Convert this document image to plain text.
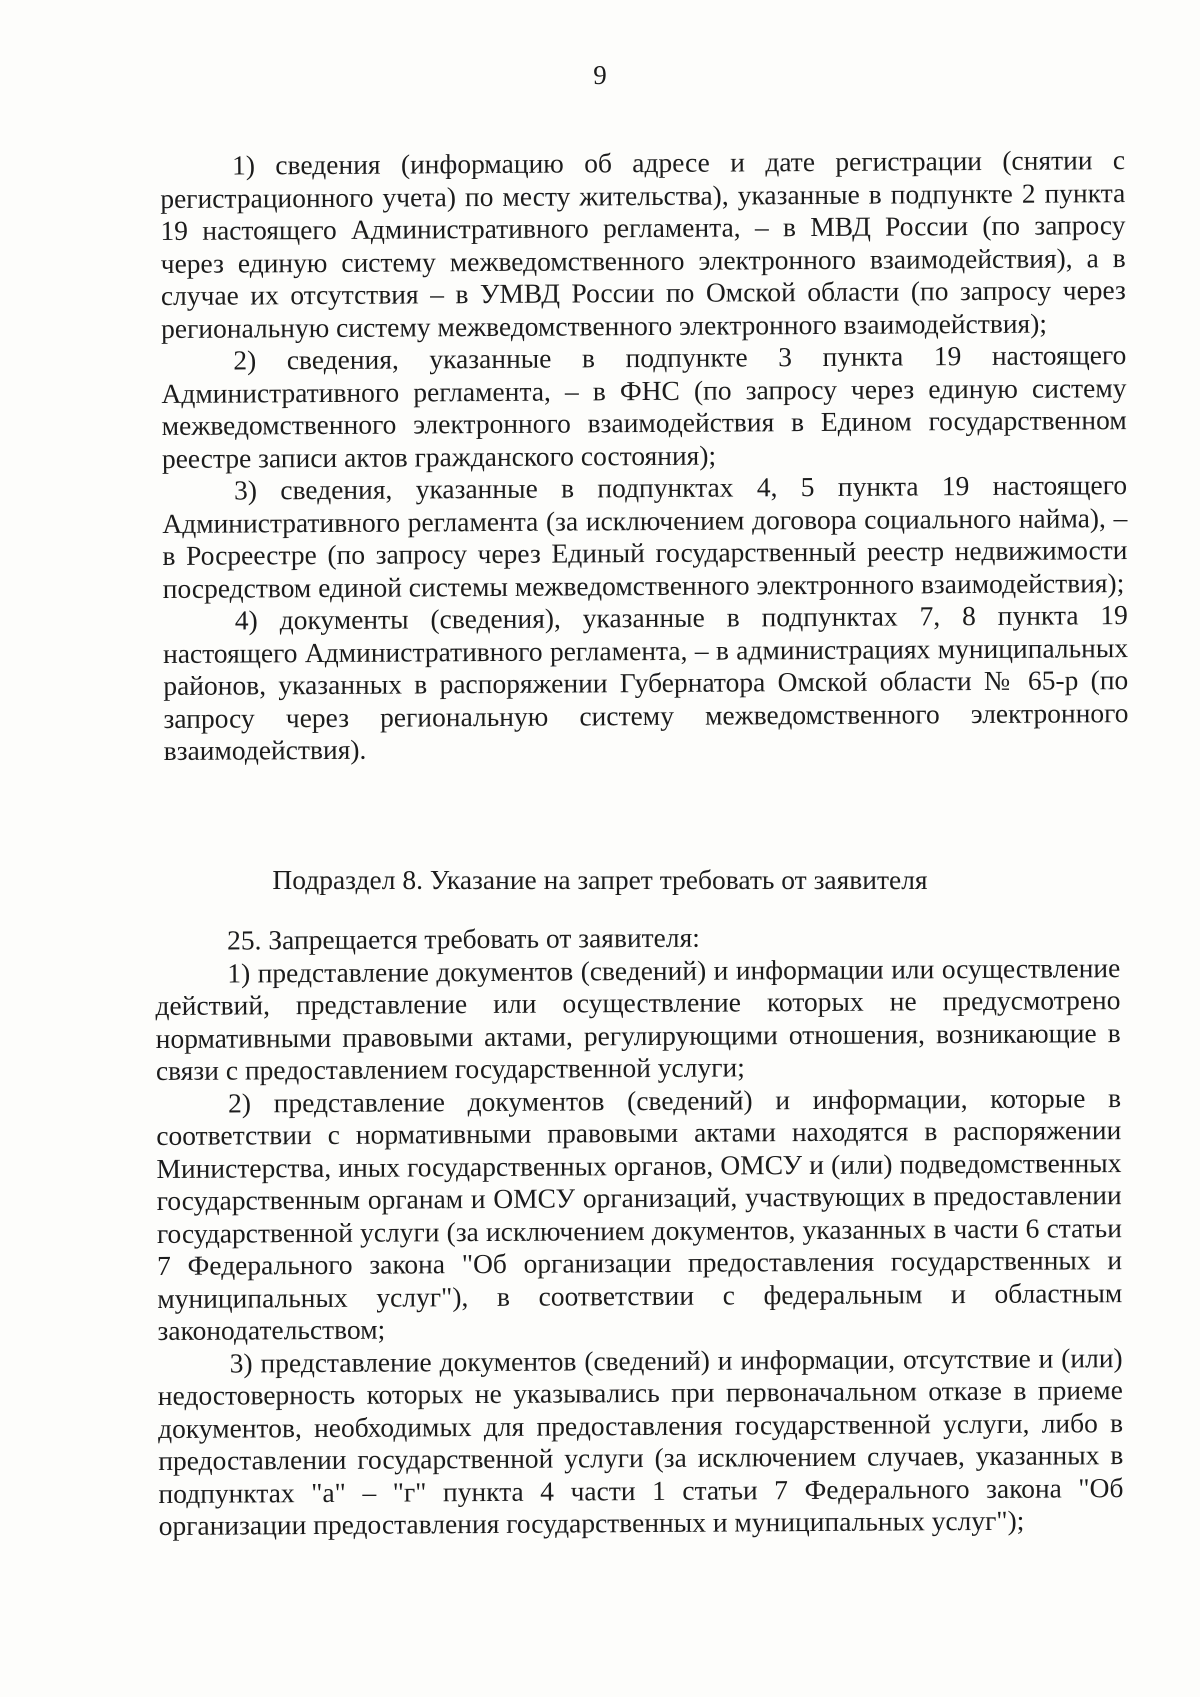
9

1) сведения (информацию об адресе и дате регистрации (снятии с регистрационного учета) по месту жительства), указанные в подпункте 2 пункта 19 настоящего Административного регламента, – в МВД России (по запросу через единую систему межведомственного электронного взаимодействия), а в случае их отсутствия – в УМВД России по Омской области (по запросу через региональную систему межведомственного электронного взаимодействия);

2) сведения, указанные в подпункте 3 пункта 19 настоящего Административного регламента, – в ФНС (по запросу через единую систему межведомственного электронного взаимодействия в Едином государственном реестре записи актов гражданского состояния);

3) сведения, указанные в подпунктах 4, 5 пункта 19 настоящего Административного регламента (за исключением договора социального найма), – в Росреестре (по запросу через Единый государственный реестр недвижимости посредством единой системы межведомственного электронного взаимодействия);

4) документы (сведения), указанные в подпунктах 7, 8 пункта 19 настоящего Административного регламента, – в администрациях муниципальных районов, указанных в распоряжении Губернатора Омской области № 65-р (по запросу через региональную систему межведомственного электронного взаимодействия).

Подраздел 8. Указание на запрет требовать от заявителя

25. Запрещается требовать от заявителя:

1) представление документов (сведений) и информации или осуществление действий, представление или осуществление которых не предусмотрено нормативными правовыми актами, регулирующими отношения, возникающие в связи с предоставлением государственной услуги;

2) представление документов (сведений) и информации, которые в соответствии с нормативными правовыми актами находятся в распоряжении Министерства, иных государственных органов, ОМСУ и (или) подведомственных государственным органам и ОМСУ организаций, участвующих в предоставлении государственной услуги (за исключением документов, указанных в части 6 статьи 7 Федерального закона "Об организации предоставления государственных и муниципальных услуг"), в соответствии с федеральным и областным законодательством;

3) представление документов (сведений) и информации, отсутствие и (или) недостоверность которых не указывались при первоначальном отказе в приеме документов, необходимых для предоставления государственной услуги, либо в предоставлении государственной услуги (за исключением случаев, указанных в подпунктах "а" – "г" пункта 4 части 1 статьи 7 Федерального закона "Об организации предоставления государственных и муниципальных услуг");
